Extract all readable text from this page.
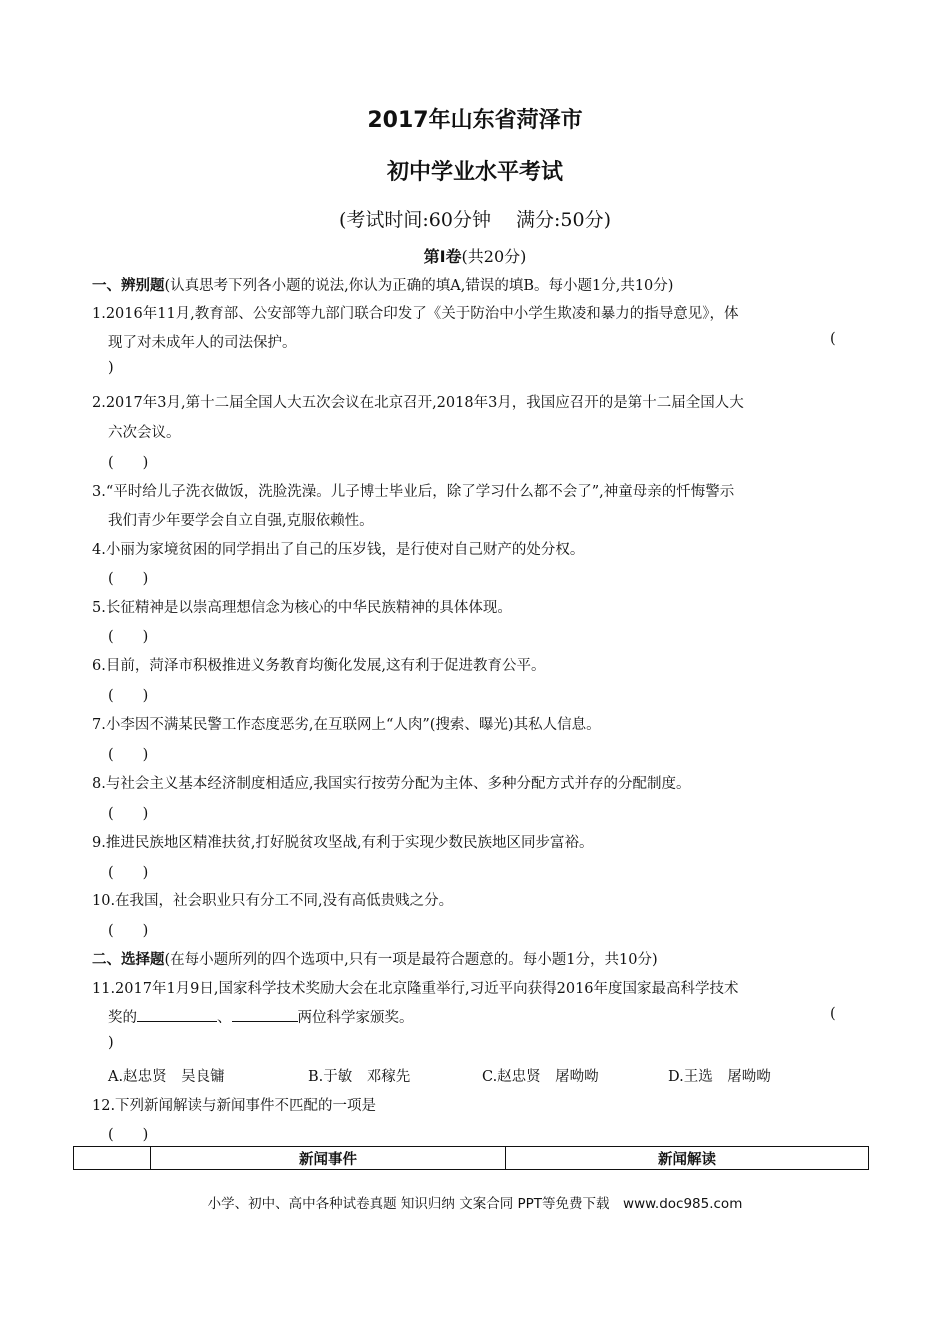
2017年山东省菏泽市
初中学业水平考试
(考试时间:60分钟　 满分:50分)
第Ⅰ卷(共20分)
一、辨别题(认真思考下列各小题的说法,你认为正确的填A,错误的填B。每小题1分,共10分)
1.2016年11月,教育部、公安部等九部门联合印发了《关于防治中小学生欺凌和暴力的指导意见》，体
现了对未成年人的司法保护。	(
)
2.2017年3月,第十二届全国人大五次会议在北京召开,2018年3月，我国应召开的是第十二届全国人大
六次会议。
(　　)
3.“平时给儿子洗衣做饭，洗脸洗澡。儿子博士毕业后，除了学习什么都不会了”,神童母亲的忏悔警示
我们青少年要学会自立自强,克服依赖性。
4.小丽为家境贫困的同学捐出了自己的压岁钱，是行使对自己财产的处分权。
(　　)
5.长征精神是以崇高理想信念为核心的中华民族精神的具体体现。
(　　)
6.目前，菏泽市积极推进义务教育均衡化发展,这有利于促进教育公平。
(　　)
7.小李因不满某民警工作态度恶劣,在互联网上“人肉”(搜索、曝光)其私人信息。
(　　)
8.与社会主义基本经济制度相适应,我国实行按劳分配为主体、多种分配方式并存的分配制度。
(　　)
9.推进民族地区精准扶贫,打好脱贫攻坚战,有利于实现少数民族地区同步富裕。
(　　)
10.在我国，社会职业只有分工不同,没有高低贵贱之分。
(　　)
二、选择题(在每小题所列的四个选项中,只有一项是最符合题意的。每小题1分，共10分)
11.2017年1月9日,国家科学技术奖励大会在北京隆重举行,习近平向获得2016年度国家最高科学技术
奖的	、	两位科学家颁奖。	(
)
A.赵忠贤　吴良镛	B.于敏　邓稼先	C.赵忠贤　屠呦呦	D.王选　屠呦呦
12.下列新闻解读与新闻事件不匹配的一项是
(　　)
	新闻事件	新闻解读
小学、初中、高中各种试卷真题 知识归纳 文案合同 PPT等免费下载　www.doc985.com
